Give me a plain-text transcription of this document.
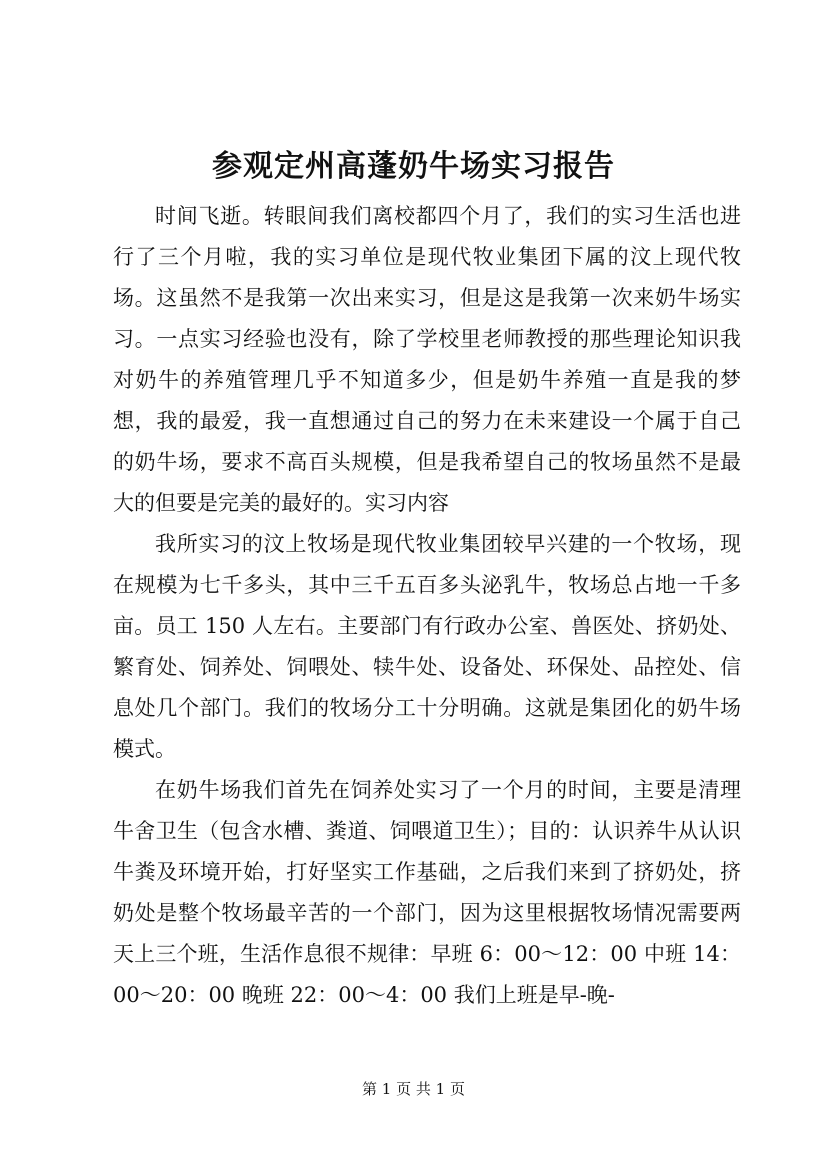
参观定州高蓬奶牛场实习报告

时间飞逝。转眼间我们离校都四个月了，我们的实习生活也进行了三个月啦，我的实习单位是现代牧业集团下属的汶上现代牧场。这虽然不是我第一次出来实习，但是这是我第一次来奶牛场实习。一点实习经验也没有，除了学校里老师教授的那些理论知识我对奶牛的养殖管理几乎不知道多少，但是奶牛养殖一直是我的梦想，我的最爱，我一直想通过自己的努力在未来建设一个属于自己的奶牛场，要求不高百头规模，但是我希望自己的牧场虽然不是最大的但要是完美的最好的。实习内容

我所实习的汶上牧场是现代牧业集团较早兴建的一个牧场，现在规模为七千多头，其中三千五百多头泌乳牛，牧场总占地一千多亩。员工 150 人左右。主要部门有行政办公室、兽医处、挤奶处、繁育处、饲养处、饲喂处、犊牛处、设备处、环保处、品控处、信息处几个部门。我们的牧场分工十分明确。这就是集团化的奶牛场模式。

在奶牛场我们首先在饲养处实习了一个月的时间，主要是清理牛舍卫生（包含水槽、粪道、饲喂道卫生）；目的：认识养牛从认识牛粪及环境开始，打好坚实工作基础，之后我们来到了挤奶处，挤奶处是整个牧场最辛苦的一个部门，因为这里根据牧场情况需要两天上三个班，生活作息很不规律：早班 6：00～12：00 中班 14：00～20：00 晚班 22：00～4：00 我们上班是早-晚-

第 1 页 共 1 页
